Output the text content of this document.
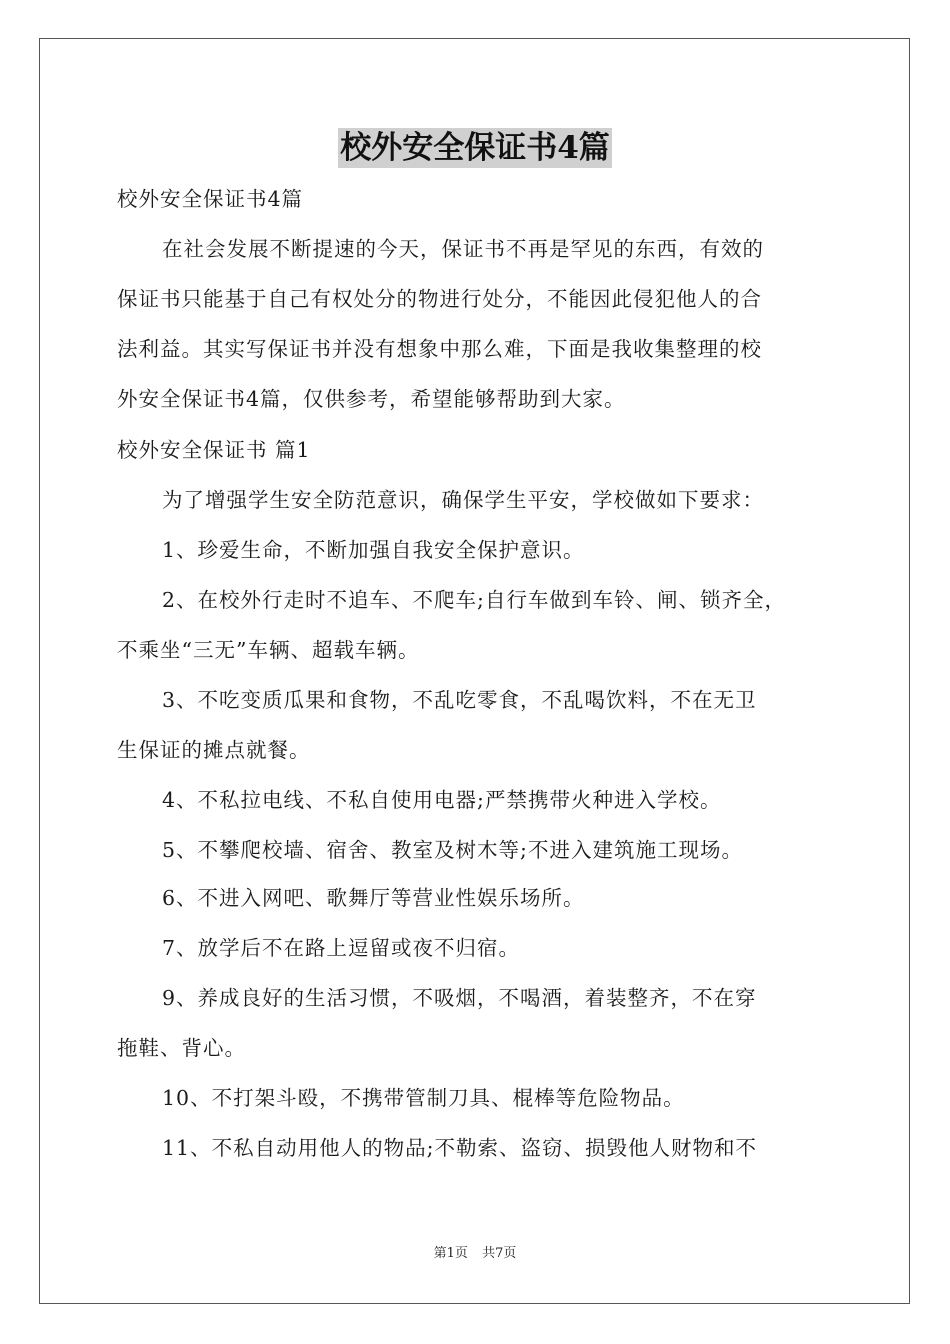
校外安全保证书4篇
校外安全保证书4篇
在社会发展不断提速的今天，保证书不再是罕见的东西，有效的
保证书只能基于自己有权处分的物进行处分，不能因此侵犯他人的合
法利益。其实写保证书并没有想象中那么难，下面是我收集整理的校
外安全保证书4篇，仅供参考，希望能够帮助到大家。
校外安全保证书 篇1
为了增强学生安全防范意识，确保学生平安，学校做如下要求：
1、珍爱生命，不断加强自我安全保护意识。
2、在校外行走时不追车、不爬车;自行车做到车铃、闸、锁齐全，
不乘坐“三无”车辆、超载车辆。
3、不吃变质瓜果和食物，不乱吃零食，不乱喝饮料，不在无卫
生保证的摊点就餐。
4、不私拉电线、不私自使用电器;严禁携带火种进入学校。
5、不攀爬校墙、宿舍、教室及树木等;不进入建筑施工现场。
6、不进入网吧、歌舞厅等营业性娱乐场所。
7、放学后不在路上逗留或夜不归宿。
9、养成良好的生活习惯，不吸烟，不喝酒，着装整齐，不在穿
拖鞋、背心。
10、不打架斗殴，不携带管制刀具、棍棒等危险物品。
11、不私自动用他人的物品;不勒索、盗窃、损毁他人财物和不
第1页 共7页
